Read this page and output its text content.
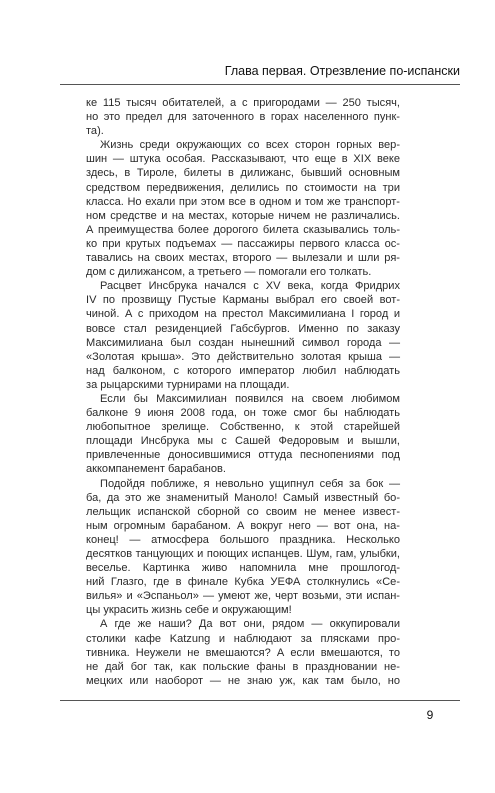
Глава первая. Отрезвление по-испански
ке 115 тысяч обитателей, а с пригородами — 250 тысяч,
но это предел для заточенного в горах населенного пунк-
та).
Жизнь среди окружающих со всех сторон горных вер-
шин — штука особая. Рассказывают, что еще в XIX веке
здесь, в Тироле, билеты в дилижанс, бывший основным
средством передвижения, делились по стоимости на три
класса. Но ехали при этом все в одном и том же транспорт-
ном средстве и на местах, которые ничем не различались.
А преимущества более дорогого билета сказывались толь-
ко при крутых подъемах — пассажиры первого класса ос-
тавались на своих местах, второго — вылезали и шли ря-
дом с дилижансом, а третьего — помогали его толкать.
Расцвет Инсбрука начался с XV века, когда Фридрих
IV по прозвищу Пустые Карманы выбрал его своей вот-
чиной. А с приходом на престол Максимилиана I город и
вовсе стал резиденцией Габсбургов. Именно по заказу
Максимилиана был создан нынешний символ города —
«Золотая крыша». Это действительно золотая крыша —
над балконом, с которого император любил наблюдать
за рыцарскими турнирами на площади.
Если бы Максимилиан появился на своем любимом
балконе 9 июня 2008 года, он тоже смог бы наблюдать
любопытное зрелище. Собственно, к этой старейшей
площади Инсбрука мы с Сашей Федоровым и вышли,
привлеченные доносившимися оттуда песнопениями под
аккомпанемент барабанов.
Подойдя поближе, я невольно ущипнул себя за бок —
ба, да это же знаменитый Маноло! Самый известный бо-
лельщик испанской сборной со своим не менее извест-
ным огромным барабаном. А вокруг него — вот она, на-
конец! — атмосфера большого праздника. Несколько
десятков танцующих и поющих испанцев. Шум, гам, улыбки,
веселье. Картинка живо напомнила мне прошлогод-
ний Глазго, где в финале Кубка УЕФА столкнулись «Се-
вилья» и «Эспаньол» — умеют же, черт возьми, эти испан-
цы украсить жизнь себе и окружающим!
А где же наши? Да вот они, рядом — оккупировали
столики кафе Katzung и наблюдают за плясками про-
тивника. Неужели не вмешаются? А если вмешаются, то
не дай бог так, как польские фаны в праздновании не-
мецких или наоборот — не знаю уж, как там было, но
9
